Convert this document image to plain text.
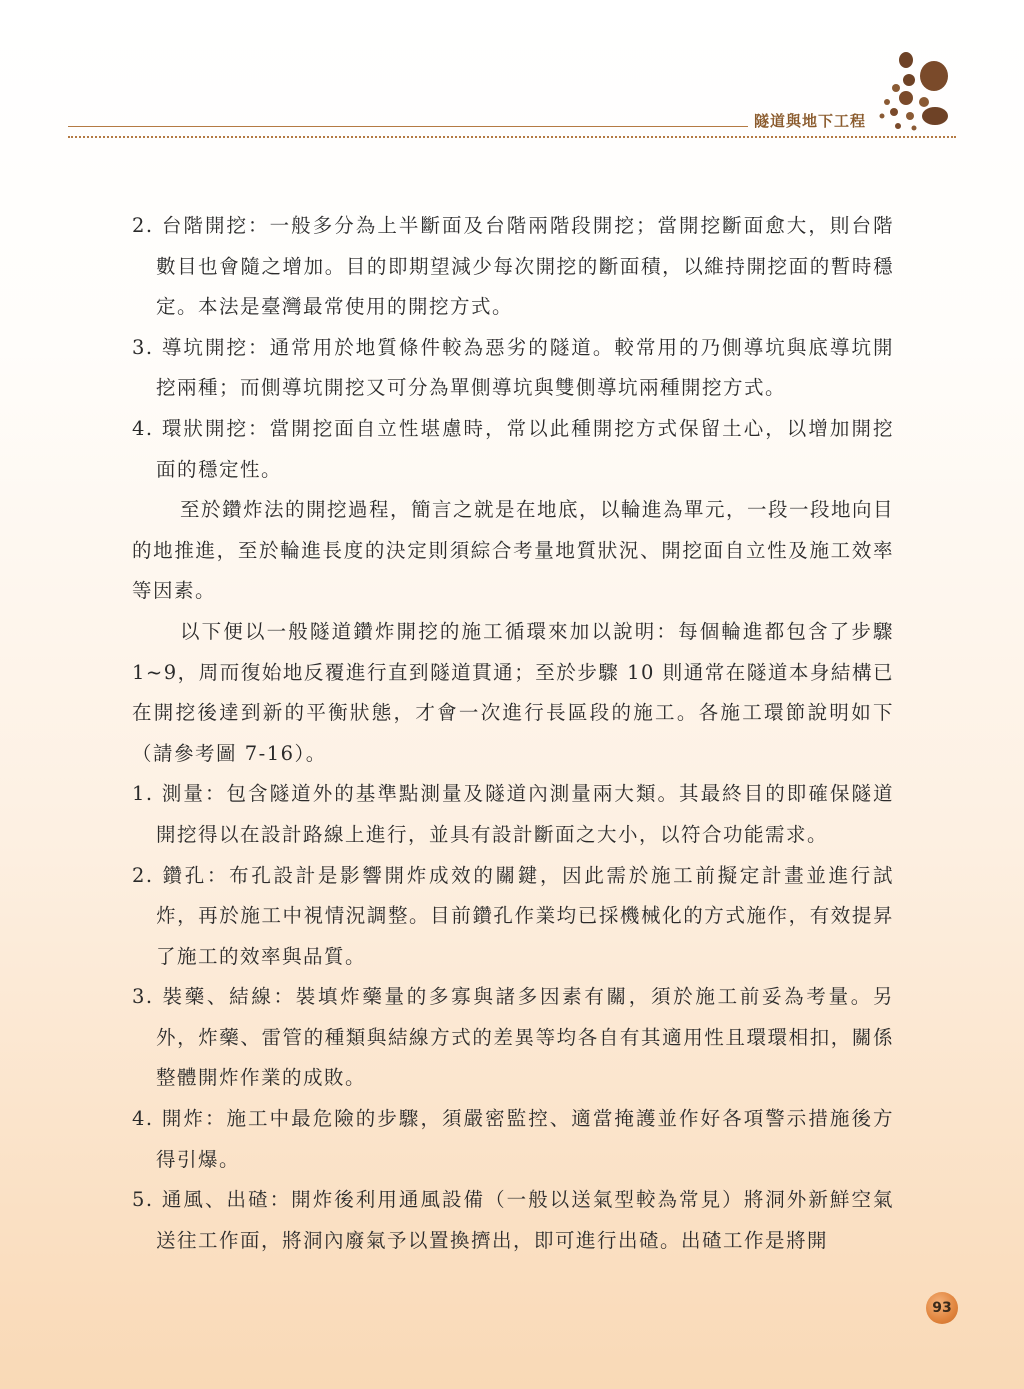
隧道與地下工程

2. 台階開挖：一般多分為上半斷面及台階兩階段開挖；當開挖斷面愈大，則台階數目也會隨之增加。目的即期望減少每次開挖的斷面積，以維持開挖面的暫時穩定。本法是臺灣最常使用的開挖方式。

3. 導坑開挖：通常用於地質條件較為惡劣的隧道。較常用的乃側導坑與底導坑開挖兩種；而側導坑開挖又可分為單側導坑與雙側導坑兩種開挖方式。

4. 環狀開挖：當開挖面自立性堪慮時，常以此種開挖方式保留土心，以增加開挖面的穩定性。

至於鑽炸法的開挖過程，簡言之就是在地底，以輪進為單元，一段一段地向目的地推進，至於輪進長度的決定則須綜合考量地質狀況、開挖面自立性及施工效率等因素。

以下便以一般隧道鑽炸開挖的施工循環來加以說明：每個輪進都包含了步驟 1~9，周而復始地反覆進行直到隧道貫通；至於步驟 10 則通常在隧道本身結構已在開挖後達到新的平衡狀態，才會一次進行長區段的施工。各施工環節說明如下（請參考圖 7-16）。

1. 測量：包含隧道外的基準點測量及隧道內測量兩大類。其最終目的即確保隧道開挖得以在設計路線上進行，並具有設計斷面之大小，以符合功能需求。

2. 鑽孔：布孔設計是影響開炸成效的關鍵，因此需於施工前擬定計畫並進行試炸，再於施工中視情況調整。目前鑽孔作業均已採機械化的方式施作，有效提昇了施工的效率與品質。

3. 裝藥、結線：裝填炸藥量的多寡與諸多因素有關，須於施工前妥為考量。另外，炸藥、雷管的種類與結線方式的差異等均各自有其適用性且環環相扣，關係整體開炸作業的成敗。

4. 開炸：施工中最危險的步驟，須嚴密監控、適當掩護並作好各項警示措施後方得引爆。

5. 通風、出碴：開炸後利用通風設備（一般以送氣型較為常見）將洞外新鮮空氣送往工作面，將洞內廢氣予以置換擠出，即可進行出碴。出碴工作是將開

93
